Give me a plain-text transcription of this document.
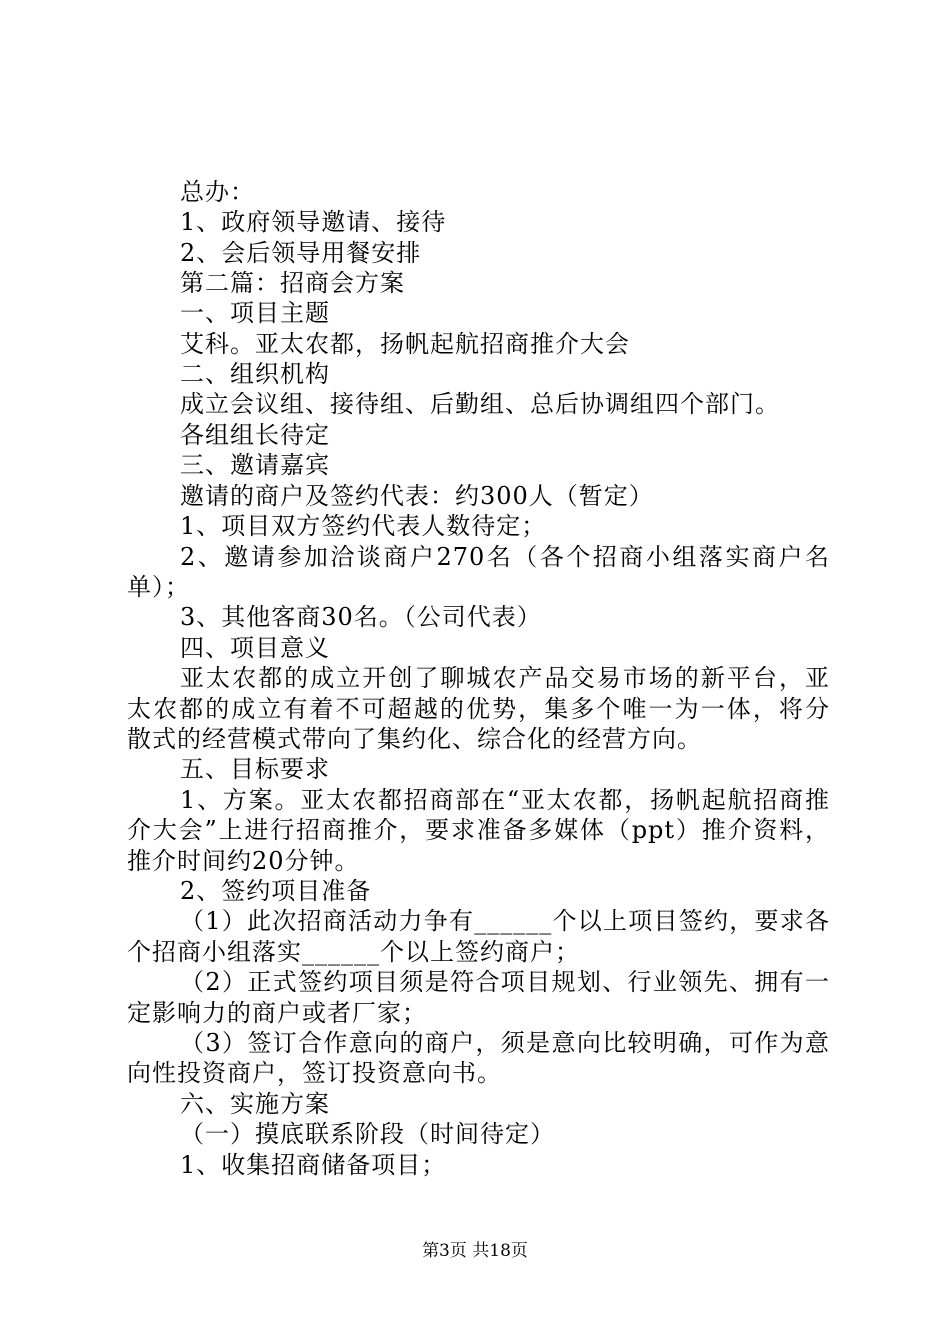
总办：
1、政府领导邀请、接待
2、会后领导用餐安排
第二篇：招商会方案
一、项目主题
艾科。亚太农都，扬帆起航招商推介大会
二、组织机构
成立会议组、接待组、后勤组、总后协调组四个部门。
各组组长待定
三、邀请嘉宾
邀请的商户及签约代表：约300人（暂定）
1、项目双方签约代表人数待定；
2、邀请参加洽谈商户270名（各个招商小组落实商户名
单）；
3、其他客商30名。（公司代表）
四、项目意义
亚太农都的成立开创了聊城农产品交易市场的新平台，亚
太农都的成立有着不可超越的优势，集多个唯一为一体，将分
散式的经营模式带向了集约化、综合化的经营方向。
五、目标要求
1、方案。亚太农都招商部在“亚太农都，扬帆起航招商推
介大会”上进行招商推介，要求准备多媒体（ppt）推介资料，
推介时间约20分钟。
2、签约项目准备
（1）此次招商活动力争有______个以上项目签约，要求各
个招商小组落实______个以上签约商户；
（2）正式签约项目须是符合项目规划、行业领先、拥有一
定影响力的商户或者厂家；
（3）签订合作意向的商户，须是意向比较明确，可作为意
向性投资商户，签订投资意向书。
六、实施方案
（一）摸底联系阶段（时间待定）
1、收集招商储备项目；
第3页 共18页
